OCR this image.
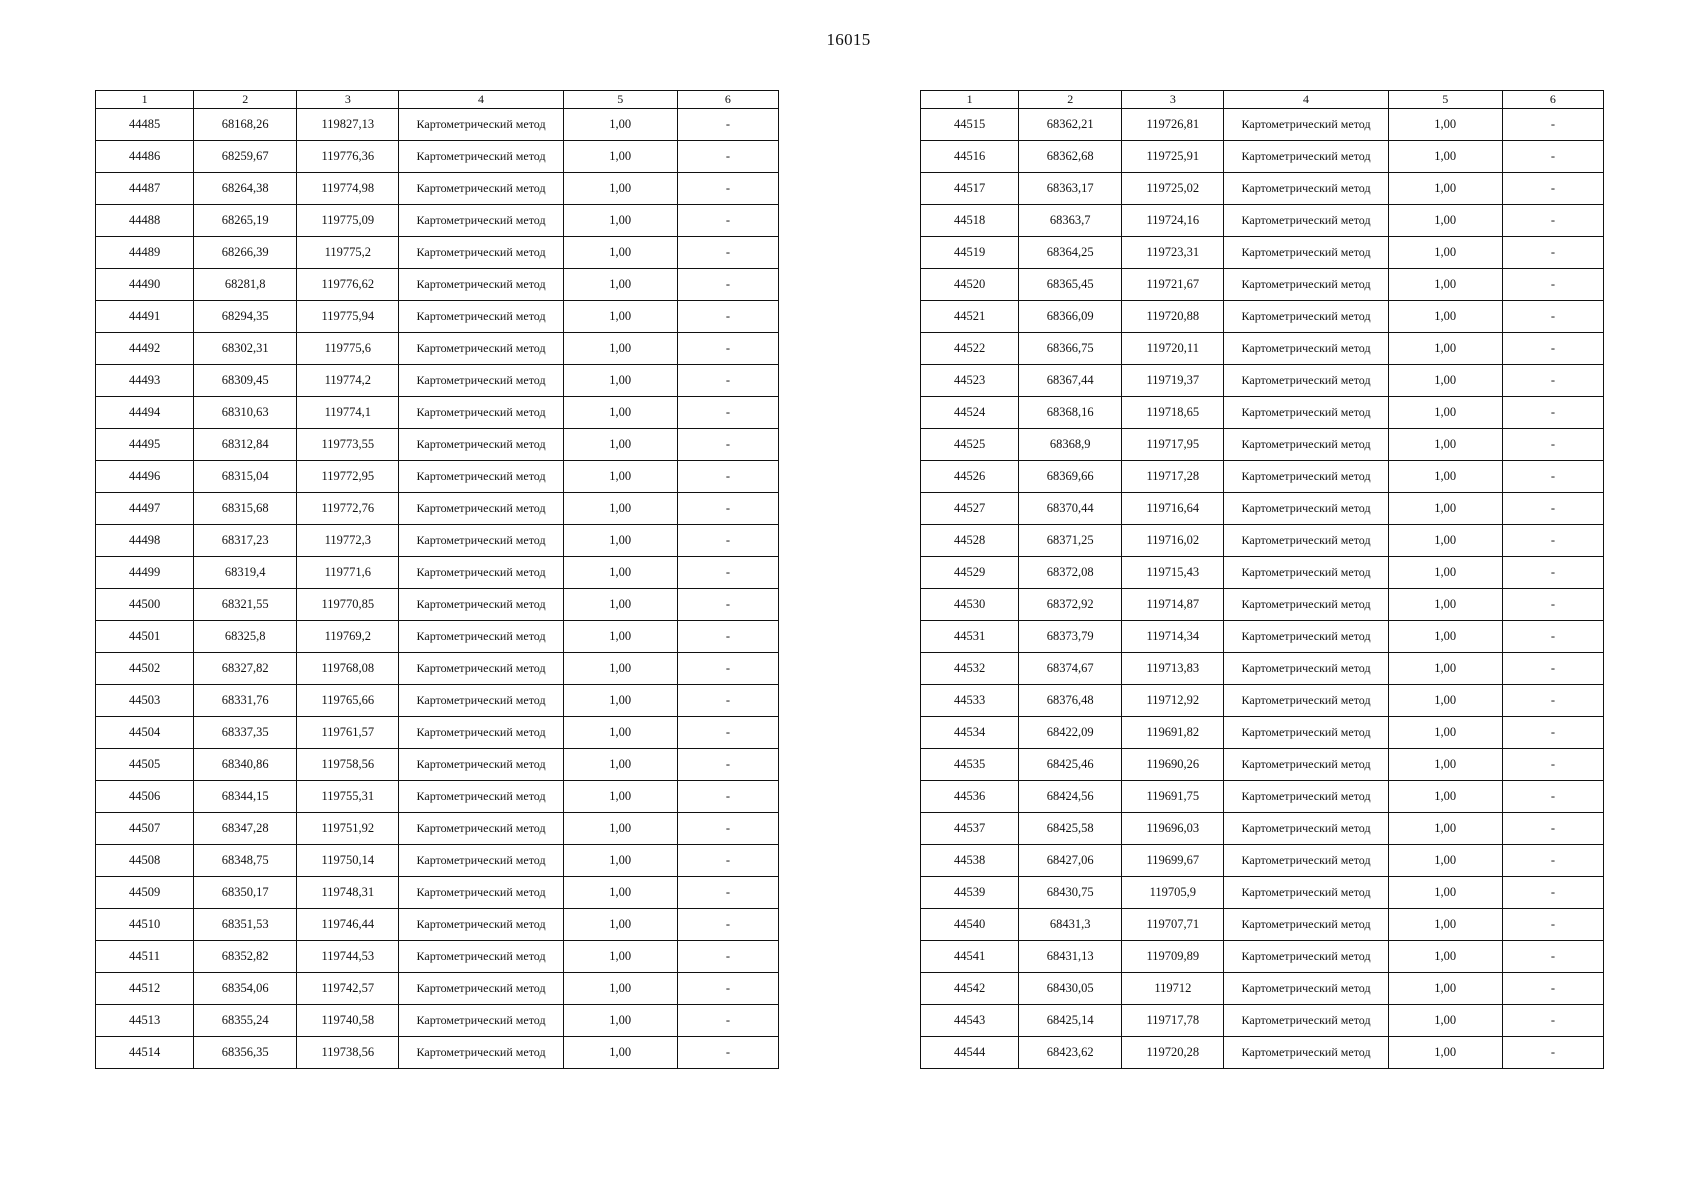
16015
1	2	3	4	5	6
44485	68168,26	119827,13	Картометрический метод	1,00	-
44486	68259,67	119776,36	Картометрический метод	1,00	-
44487	68264,38	119774,98	Картометрический метод	1,00	-
44488	68265,19	119775,09	Картометрический метод	1,00	-
44489	68266,39	119775,2	Картометрический метод	1,00	-
44490	68281,8	119776,62	Картометрический метод	1,00	-
44491	68294,35	119775,94	Картометрический метод	1,00	-
44492	68302,31	119775,6	Картометрический метод	1,00	-
44493	68309,45	119774,2	Картометрический метод	1,00	-
44494	68310,63	119774,1	Картометрический метод	1,00	-
44495	68312,84	119773,55	Картометрический метод	1,00	-
44496	68315,04	119772,95	Картометрический метод	1,00	-
44497	68315,68	119772,76	Картометрический метод	1,00	-
44498	68317,23	119772,3	Картометрический метод	1,00	-
44499	68319,4	119771,6	Картометрический метод	1,00	-
44500	68321,55	119770,85	Картометрический метод	1,00	-
44501	68325,8	119769,2	Картометрический метод	1,00	-
44502	68327,82	119768,08	Картометрический метод	1,00	-
44503	68331,76	119765,66	Картометрический метод	1,00	-
44504	68337,35	119761,57	Картометрический метод	1,00	-
44505	68340,86	119758,56	Картометрический метод	1,00	-
44506	68344,15	119755,31	Картометрический метод	1,00	-
44507	68347,28	119751,92	Картометрический метод	1,00	-
44508	68348,75	119750,14	Картометрический метод	1,00	-
44509	68350,17	119748,31	Картометрический метод	1,00	-
44510	68351,53	119746,44	Картометрический метод	1,00	-
44511	68352,82	119744,53	Картометрический метод	1,00	-
44512	68354,06	119742,57	Картометрический метод	1,00	-
44513	68355,24	119740,58	Картометрический метод	1,00	-
44514	68356,35	119738,56	Картометрический метод	1,00	-
1	2	3	4	5	6
44515	68362,21	119726,81	Картометрический метод	1,00	-
44516	68362,68	119725,91	Картометрический метод	1,00	-
44517	68363,17	119725,02	Картометрический метод	1,00	-
44518	68363,7	119724,16	Картометрический метод	1,00	-
44519	68364,25	119723,31	Картометрический метод	1,00	-
44520	68365,45	119721,67	Картометрический метод	1,00	-
44521	68366,09	119720,88	Картометрический метод	1,00	-
44522	68366,75	119720,11	Картометрический метод	1,00	-
44523	68367,44	119719,37	Картометрический метод	1,00	-
44524	68368,16	119718,65	Картометрический метод	1,00	-
44525	68368,9	119717,95	Картометрический метод	1,00	-
44526	68369,66	119717,28	Картометрический метод	1,00	-
44527	68370,44	119716,64	Картометрический метод	1,00	-
44528	68371,25	119716,02	Картометрический метод	1,00	-
44529	68372,08	119715,43	Картометрический метод	1,00	-
44530	68372,92	119714,87	Картометрический метод	1,00	-
44531	68373,79	119714,34	Картометрический метод	1,00	-
44532	68374,67	119713,83	Картометрический метод	1,00	-
44533	68376,48	119712,92	Картометрический метод	1,00	-
44534	68422,09	119691,82	Картометрический метод	1,00	-
44535	68425,46	119690,26	Картометрический метод	1,00	-
44536	68424,56	119691,75	Картометрический метод	1,00	-
44537	68425,58	119696,03	Картометрический метод	1,00	-
44538	68427,06	119699,67	Картометрический метод	1,00	-
44539	68430,75	119705,9	Картометрический метод	1,00	-
44540	68431,3	119707,71	Картометрический метод	1,00	-
44541	68431,13	119709,89	Картометрический метод	1,00	-
44542	68430,05	119712	Картометрический метод	1,00	-
44543	68425,14	119717,78	Картометрический метод	1,00	-
44544	68423,62	119720,28	Картометрический метод	1,00	-
